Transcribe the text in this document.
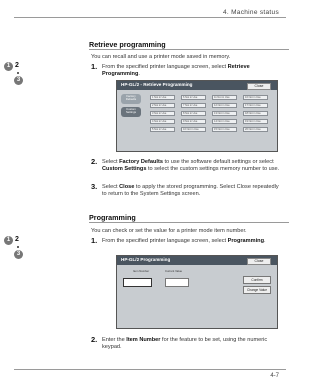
4. Machine status
Retrieve programming
You can recall and use a printer mode saved in memory.
1 2
3
1. From the specified printer language screen, select Retrieve Programming.
HP-GL/2 - Retrieve Programming	Close
Factory Defaults
Custom Settings
1 Not in Use
2 Not in Use
3 Not in Use
4 Not in Use
5 Not in Use
6 Not in Use
7 Not in Use
8 Not in Use
9 Not in Use
10 Not in Use
11 Not in Use
12 Not in Use
13 Not in Use
14 Not in Use
15 Not in Use
16 Not in Use
17 Not in Use
18 Not in Use
19 Not in Use
20 Not in Use
2. Select Factory Defaults to use the software default settings or select Custom Settings to select the custom settings memory number to use.
3. Select Close to apply the stored programming. Select Close repeatedly to return to the System Settings screen.
Programming
You can check or set the value for a printer mode item number.
1 2
3
1. From the specified printer language screen, select Programming.
HP-GL/2 Programming	Close
Item Number	Current Value
Confirm
Change Value
2. Enter the Item Number for the feature to be set, using the numeric keypad.
4-7
